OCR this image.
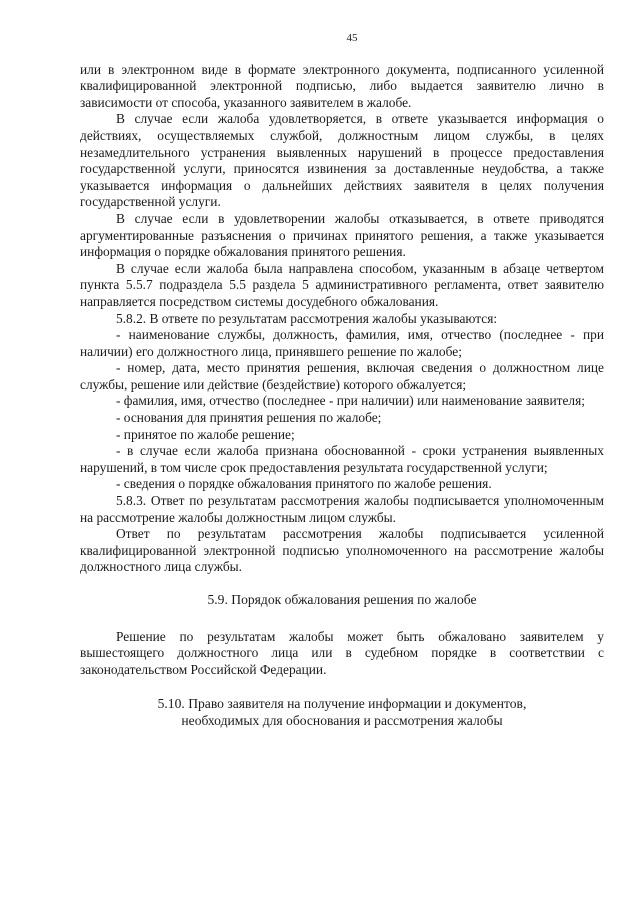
45

или в электронном виде в формате электронного документа, подписанного усиленной квалифицированной электронной подписью, либо выдается заявителю лично в зависимости от способа, указанного заявителем в жалобе.

В случае если жалоба удовлетворяется, в ответе указывается информация о действиях, осуществляемых службой, должностным лицом службы, в целях незамедлительного устранения выявленных нарушений в процессе предоставления государственной услуги, приносятся извинения за доставленные неудобства, а также указывается информация о дальнейших действиях заявителя в целях получения государственной услуги.

В случае если в удовлетворении жалобы отказывается, в ответе приводятся аргументированные разъяснения о причинах принятого решения, а также указывается информация о порядке обжалования принятого решения.

В случае если жалоба была направлена способом, указанным в абзаце четвертом пункта 5.5.7 подраздела 5.5 раздела 5 административного регламента, ответ заявителю направляется посредством системы досудебного обжалования.

5.8.2. В ответе по результатам рассмотрения жалобы указываются:

- наименование службы, должность, фамилия, имя, отчество (последнее - при наличии) его должностного лица, принявшего решение по жалобе;

- номер, дата, место принятия решения, включая сведения о должностном лице службы, решение или действие (бездействие) которого обжалуется;

- фамилия, имя, отчество (последнее - при наличии) или наименование заявителя;

- основания для принятия решения по жалобе;

- принятое по жалобе решение;

- в случае если жалоба признана обоснованной - сроки устранения выявленных нарушений, в том числе срок предоставления результата государственной услуги;

- сведения о порядке обжалования принятого по жалобе решения.

5.8.3. Ответ по результатам рассмотрения жалобы подписывается уполномоченным на рассмотрение жалобы должностным лицом службы.

Ответ по результатам рассмотрения жалобы подписывается усиленной квалифицированной электронной подписью уполномоченного на рассмотрение жалобы должностного лица службы.

5.9. Порядок обжалования решения по жалобе

Решение по результатам жалобы может быть обжаловано заявителем у вышестоящего должностного лица или в судебном порядке в соответствии с законодательством Российской Федерации.

5.10. Право заявителя на получение информации и документов,
необходимых для обоснования и рассмотрения жалобы
